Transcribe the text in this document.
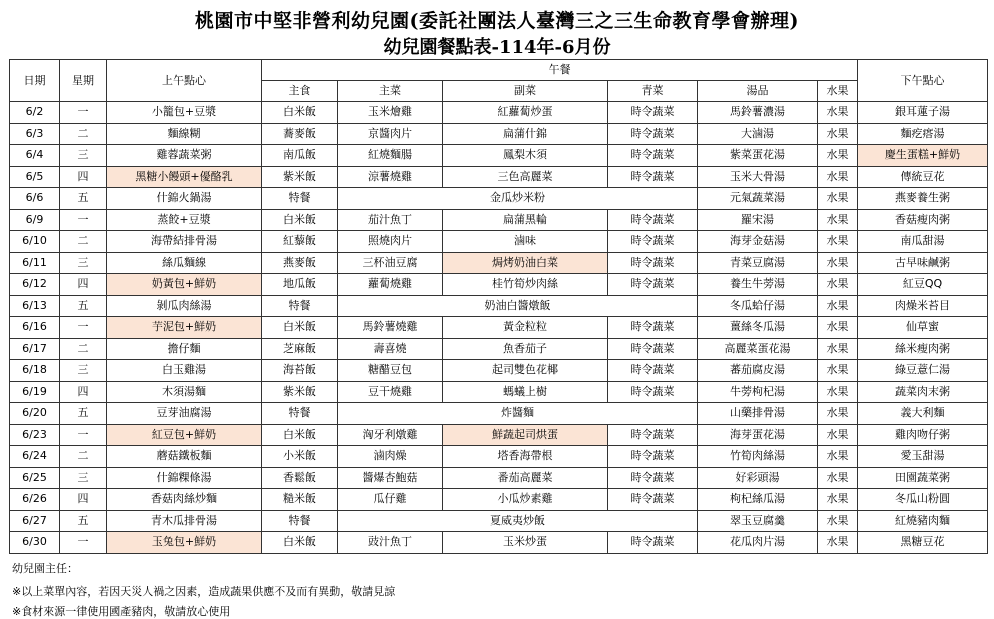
桃園市中堅非營利幼兒園(委託社團法人臺灣三之三生命教育學會辦理)
幼兒園餐點表-114年-6月份
日期	星期	上午點心	午餐						下午點心
			主食	主菜	副菜	青菜	湯品	水果	
6/2	一	小籠包+豆漿	白米飯	玉米燴雞	紅蘿蔔炒蛋	時令蔬菜	馬鈴薯濃湯	水果	銀耳蓮子湯
6/3	二	麵線糊	蕎麥飯	京醬肉片	扁蒲什錦	時令蔬菜	大滷湯	水果	麵疙瘩湯
6/4	三	雞蓉蔬菜粥	南瓜飯	紅燒麵腸	鳳梨木須	時令蔬菜	紫菜蛋花湯	水果	慶生蛋糕+鮮奶
6/5	四	黑糖小饅頭+優酪乳	紫米飯	涼薯燒雞	三色高麗菜	時令蔬菜	玉米大骨湯	水果	傳統豆花
6/6	五	什錦火鍋湯	特餐	金瓜炒米粉			元氣蔬菜湯	水果	燕麥養生粥
6/9	一	蒸餃+豆漿	白米飯	茄汁魚丁	扁蒲黑輪	時令蔬菜	羅宋湯	水果	香菇瘦肉粥
6/10	二	海帶結排骨湯	紅藜飯	照燒肉片	滷味	時令蔬菜	海芽金菇湯	水果	南瓜甜湯
6/11	三	絲瓜麵線	燕麥飯	三杯油豆腐	焗烤奶油白菜	時令蔬菜	青菜豆腐湯	水果	古早味鹹粥
6/12	四	奶黃包+鮮奶	地瓜飯	蘿蔔燒雞	桂竹筍炒肉絲	時令蔬菜	養生牛蒡湯	水果	紅豆QQ
6/13	五	剝瓜肉絲湯	特餐	奶油白醬燉飯			冬瓜蛤仔湯	水果	肉燥米苔目
6/16	一	芋泥包+鮮奶	白米飯	馬鈴薯燒雞	黃金粒粒	時令蔬菜	薑絲冬瓜湯	水果	仙草蜜
6/17	二	擔仔麵	芝麻飯	壽喜燒	魚香茄子	時令蔬菜	高麗菜蛋花湯	水果	絲米瘦肉粥
6/18	三	白玉雞湯	海苔飯	糖醋豆包	起司雙色花椰	時令蔬菜	蕃茄腐皮湯	水果	綠豆薏仁湯
6/19	四	木須湯麵	紫米飯	豆干燒雞	螞蟻上樹	時令蔬菜	牛蒡枸杞湯	水果	蔬菜肉末粥
6/20	五	豆芽油腐湯	特餐	炸醬麵			山藥排骨湯	水果	義大利麵
6/23	一	紅豆包+鮮奶	白米飯	洶牙利燉雞	鮮蔬起司烘蛋	時令蔬菜	海芽蛋花湯	水果	雞肉吻仔粥
6/24	二	蘑菇鐵板麵	小米飯	滷肉燥	塔香海帶根	時令蔬菜	竹筍肉絲湯	水果	愛玉甜湯
6/25	三	什錦粿條湯	香鬆飯	醬爆杏鮑菇	番茄高麗菜	時令蔬菜	好彩頭湯	水果	田園蔬菜粥
6/26	四	香菇肉絲炒麵	糙米飯	瓜仔雞	小瓜炒素雞	時令蔬菜	枸杞絲瓜湯	水果	冬瓜山粉圓
6/27	五	青木瓜排骨湯	特餐	夏威夷炒飯			翠玉豆腐羹	水果	紅燒豬肉麵
6/30	一	玉兔包+鮮奶	白米飯	豉汁魚丁	玉米炒蛋	時令蔬菜	花瓜肉片湯	水果	黑糖豆花
幼兒園主任：
※以上菜單內容，若因天災人禍之因素，造成蔬果供應不及而有異動，敬請見諒
※食材來源一律使用國產豬肉，敬請放心使用
